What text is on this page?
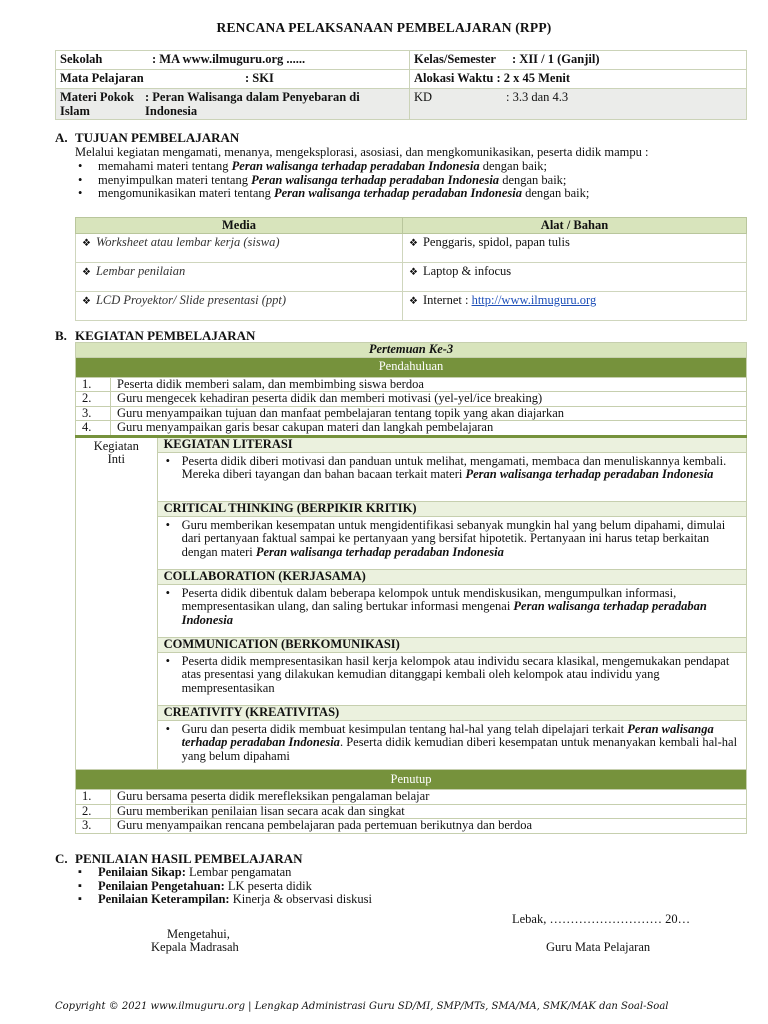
RENCANA PELAKSANAAN PEMBELAJARAN (RPP)
Sekolah : MA www.ilmuguru.org ......	Kelas/Semester : XII / 1 (Ganjil)
Mata Pelajaran : SKI	Alokasi Waktu : 2 x 45 Menit
Materi Pokok Islam: Peran Walisanga dalam Penyebaran di Indonesia	KD : 3.3 dan 4.3
A. TUJUAN PEMBELAJARAN
Melalui kegiatan mengamati, menanya, mengeksplorasi, asosiasi, dan mengkomunikasikan, peserta didik mampu :
• memahami materi tentang Peran walisanga terhadap peradaban Indonesia dengan baik;
• menyimpulkan materi tentang Peran walisanga terhadap peradaban Indonesia dengan baik;
• mengomunikasikan materi tentang Peran walisanga terhadap peradaban Indonesia dengan baik;
Media	Alat / Bahan
❖ Worksheet atau lembar kerja (siswa)	❖ Penggaris, spidol, papan tulis
❖ Lembar penilaian	❖ Laptop & infocus
❖ LCD Proyektor/ Slide presentasi (ppt)	❖ Internet : http://www.ilmuguru.org
B. KEGIATAN PEMBELAJARAN
Pertemuan Ke-3		
Pendahuluan		
1.	Peserta didik memberi salam, dan membimbing siswa berdoa	
2.	Guru mengecek kehadiran peserta didik dan memberi motivasi (yel-yel/ice breaking)	
3.	Guru menyampaikan tujuan dan manfaat pembelajaran tentang topik yang akan diajarkan	
4.	Guru menyampaikan garis besar cakupan materi dan langkah pembelajaran	

Kegiatan Inti		KEGIATAN LITERASI
		• Peserta didik diberi motivasi dan panduan untuk melihat, mengamati, membaca dan menuliskannya kembali. Mereka diberi tayangan dan bahan bacaan terkait materi Peran walisanga terhadap peradaban Indonesia
		CRITICAL THINKING (BERPIKIR KRITIK)
		• Guru memberikan kesempatan untuk mengidentifikasi sebanyak mungkin hal yang belum dipahami, dimulai dari pertanyaan faktual sampai ke pertanyaan yang bersifat hipotetik. Pertanyaan ini harus tetap berkaitan dengan materi Peran walisanga terhadap peradaban Indonesia
		COLLABORATION (KERJASAMA)
		• Peserta didik dibentuk dalam beberapa kelompok untuk mendiskusikan, mengumpulkan informasi, mempresentasikan ulang, dan saling bertukar informasi mengenai Peran walisanga terhadap peradaban Indonesia
		COMMUNICATION (BERKOMUNIKASI)
		• Peserta didik mempresentasikan hasil kerja kelompok atau individu secara klasikal, mengemukakan pendapat atas presentasi yang dilakukan kemudian ditanggapi kembali oleh kelompok atau individu yang mempresentasikan
		CREATIVITY (KREATIVITAS)
		• Guru dan peserta didik membuat kesimpulan tentang hal-hal yang telah dipelajari terkait Peran walisanga terhadap peradaban Indonesia. Peserta didik kemudian diberi kesempatan untuk menanyakan kembali hal-hal yang belum dipahami
Penutup		
1.	Guru bersama peserta didik merefleksikan pengalaman belajar	
2.	Guru memberikan penilaian lisan secara acak dan singkat	
3.	Guru menyampaikan rencana pembelajaran pada pertemuan berikutnya dan berdoa	
C. PENILAIAN HASIL PEMBELAJARAN
▪ Penilaian Sikap: Lembar pengamatan
▪ Penilaian Pengetahuan: LK peserta didik
▪ Penilaian Keterampilan: Kinerja & observasi diskusi
Lebak, ……………………… 20…
Mengetahui,
Kepala Madrasah	Guru Mata Pelajaran
Copyright © 2021 www.ilmuguru.org | Lengkap Administrasi Guru SD/MI, SMP/MTs, SMA/MA, SMK/MAK dan Soal-Soal
